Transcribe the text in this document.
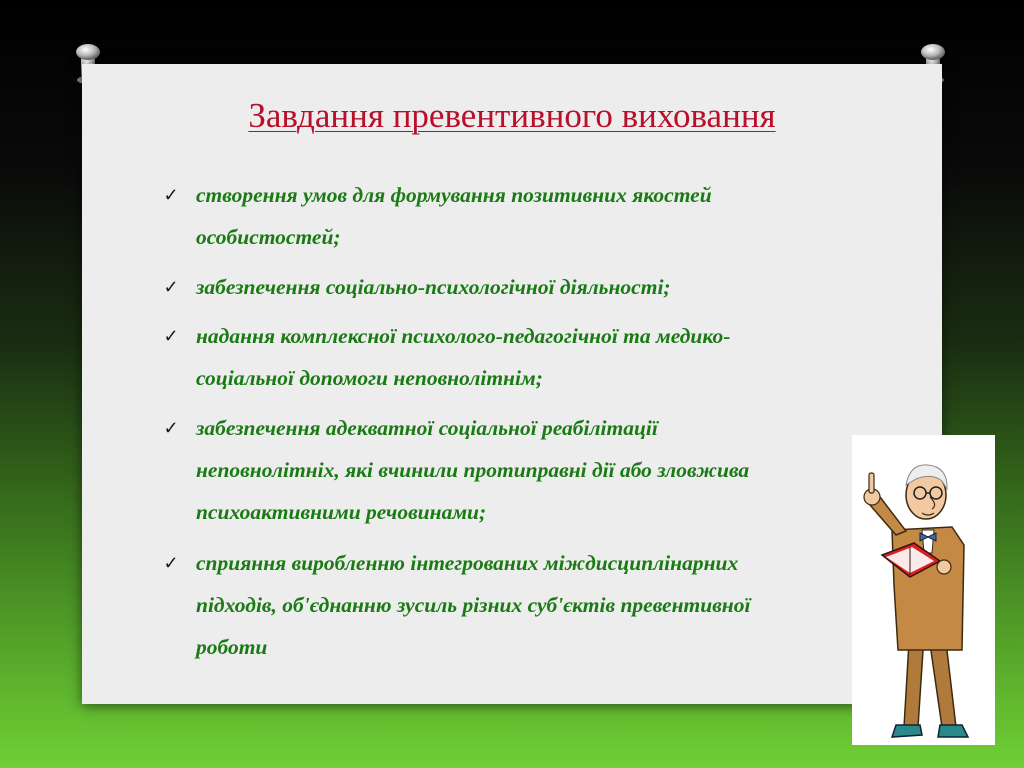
Завдання превентивного виховання
✓ створення умов для формування позитивних якостей
особистостей;
✓ забезпечення соціально-психологічної діяльності;
✓ надання комплексної психолого-педагогічної та медико-
соціальної допомоги неповнолітнім;
✓ забезпечення адекватної соціальної реабілітації
неповнолітніх, які вчинили протиправні дії або зловжива
психоактивними речовинами;
✓ сприяння виробленню інтегрованих міждисциплінарних
підходів, об'єднанню зусиль різних суб'єктів превентивної
роботи
